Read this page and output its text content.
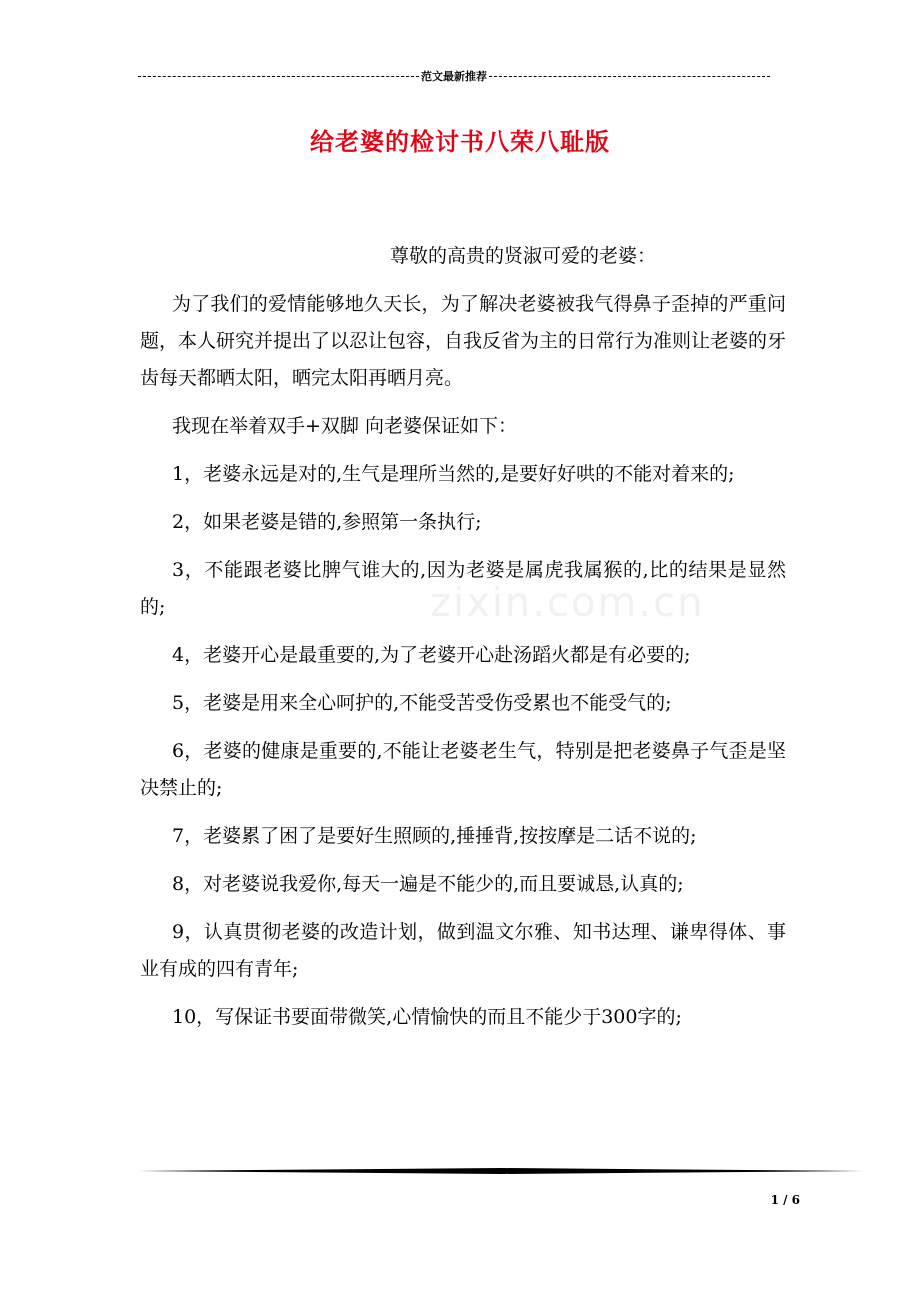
范文最新推荐
给老婆的检讨书八荣八耻版
zixin.com.cn

尊敬的高贵的贤淑可爱的老婆：

为了我们的爱情能够地久天长，为了解决老婆被我气得鼻子歪掉的严重问题，本人研究并提出了以忍让包容，自我反省为主的日常行为准则让老婆的牙齿每天都晒太阳，晒完太阳再晒月亮。

我现在举着双手+双脚 向老婆保证如下：

1，老婆永远是对的,生气是理所当然的,是要好好哄的不能对着来的;

2，如果老婆是错的,参照第一条执行;

3，不能跟老婆比脾气谁大的,因为老婆是属虎我属猴的,比的结果是显然的;

4，老婆开心是最重要的,为了老婆开心赴汤蹈火都是有必要的;

5，老婆是用来全心呵护的,不能受苦受伤受累也不能受气的;

6，老婆的健康是重要的,不能让老婆老生气，特别是把老婆鼻子气歪是坚决禁止的;

7，老婆累了困了是要好生照顾的,捶捶背,按按摩是二话不说的;

8，对老婆说我爱你,每天一遍是不能少的,而且要诚恳,认真的;

9，认真贯彻老婆的改造计划，做到温文尔雅、知书达理、谦卑得体、事业有成的四有青年;

10，写保证书要面带微笑,心情愉快的而且不能少于300字的;

1 / 6
